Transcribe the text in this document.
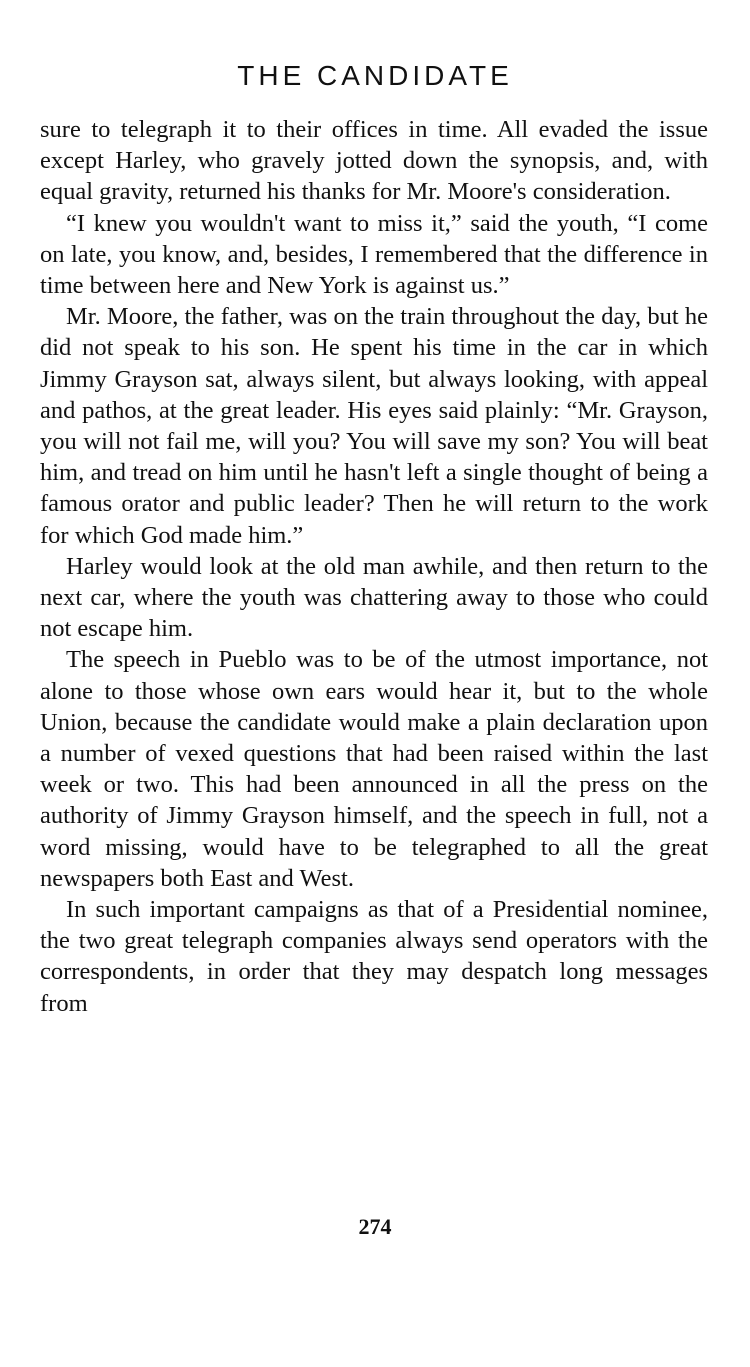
THE CANDIDATE

sure to telegraph it to their offices in time. All evaded the issue except Harley, who gravely jotted down the synopsis, and, with equal gravity, returned his thanks for Mr. Moore's consideration.

“I knew you wouldn't want to miss it,” said the youth, “I come on late, you know, and, besides, I remembered that the difference in time between here and New York is against us.”

Mr. Moore, the father, was on the train throughout the day, but he did not speak to his son. He spent his time in the car in which Jimmy Grayson sat, always silent, but always looking, with appeal and pathos, at the great leader. His eyes said plainly: “Mr. Grayson, you will not fail me, will you? You will save my son? You will beat him, and tread on him until he hasn't left a single thought of being a famous orator and public leader? Then he will return to the work for which God made him.”

Harley would look at the old man awhile, and then return to the next car, where the youth was chattering away to those who could not escape him.

The speech in Pueblo was to be of the utmost importance, not alone to those whose own ears would hear it, but to the whole Union, because the candidate would make a plain declaration upon a number of vexed questions that had been raised within the last week or two. This had been announced in all the press on the authority of Jimmy Grayson himself, and the speech in full, not a word missing, would have to be telegraphed to all the great newspapers both East and West.

In such important campaigns as that of a Presidential nominee, the two great telegraph companies always send operators with the correspondents, in order that they may despatch long messages from

274
